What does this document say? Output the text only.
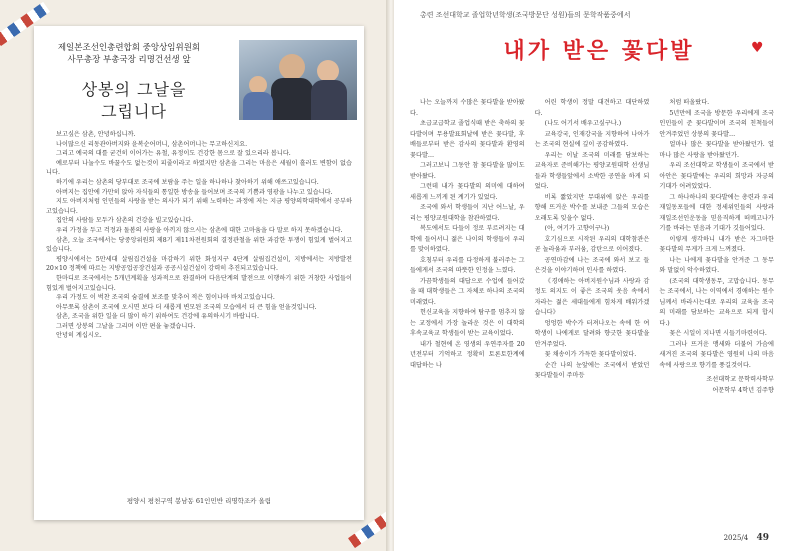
제일본조선인총련합회 중앙상임위원회
사무총장 부총국장 리명건선생 앞
상봉의 그날을
그립니다

보고싶은 삼촌, 안녕하십니까.

나이많으신 리동관아버지와 윤복순어머니, 삼촌어머니는 무고하신지요.

그리고 예국의 대를 굳건히 이어가는 유철, 유정이도 건강한 몸으로 잘 있으리라 봅니다.

예로부터 나눌수도 바꿀수도 없는것이 피줄이라고 하였지만 삼촌을 그리는 마음은 세월이 흘러도 변함이 없습니다.

하기에 우리는 삼촌의 당부대로 조국에 보람을 주는 일을 하나하나 찾아하기 위해 애쓰고있습니다.

아버지는 집안에 가만히 앉아 자식들의 통일한 방송을 들어보며 조국의 기쁨과 영광을 나누고 있습니다.

지도 아버지처럼 인민들의 사랑을 받는 의사가 되기 위해 노력하는 과정에 저는 지금 평양의학대학에서 공부하고있습니다.

집안의 사람들 모두가 삼촌의 건강을 빌고있습니다.

우리 가정을 두고 걱정과 돌봄의 사랑을 아끼지 않으시는 삼촌에 대한 고마움을 다 말로 하지 못하겠습니다.

삼촌, 오늘 조국에서는 당중앙위원회 제8기 제11차전원회의 결정관철을 위한 과감한 투쟁이 힘있게 벌어지고있습니다.

평양시에서는 5만세대 살림집건설을 마감하기 위한 화성지구 4단계 살림집건설이, 지방에서는 지방발전 20×10 정책에 따르는 지방공업공장건설과 공공시설건설이 강력히 추진되고있습니다.

한마디로 조국에서는 5개년계획을 성과적으로 완결하며 다음단계의 발전으로 이행하기 위한 거창한 사업들이 힘있게 벌어지고있습니다.

우리 가정도 이 벅찬 조국의 숨결에 보조를 맞추어 적은 힘이나마 바치고있습니다.

아무쪼록 삼촌이 조국에 오시면 보다 더 새롭게 변모된 조국의 모습에서 더 큰 힘을 얻을것입니다.

삼촌, 조국을 위한 일을 더 많이 하기 위하여도 건강에 유의하시기 바랍니다.

그러면 상봉의 그날을 그리며 이만 편을 놓겠습니다.

안녕히 계십시오.

평양시 평천구역 봉남동 61인민반 리명학조카 올림
총련 조선대학교 졸업학년학생(조국방문단 성원)들의 문학작품중에서
내가 받은 꽃다발	♥

나는 오늘까지 수많은 꽃다발을 받아왔다.

초급교급학교 졸업식때 받은 축하의 꽃다발이며 무용발표회날에 받은 꽃다발, 후배들로부터 받은 감사의 꽃다발과 환영의 꽃다발…

그러고보니 그동안 참 꽃다발을 많이도 받아왔다.

그런데 내가 꽃다발의 의미에 대하여 새롭게 느끼게 된 계기가 있었다.

조국에 와서 학생들이 지난 어느날, 우리는 평양교원대학을 참관하였다.

복도에서도 다들이 정로 부르려지는 대학에 들어서니 젊은 나이의 학생들이 우리를 맞이하였다.

호칭부터 우리를 다정하게 불러주는 그들에게서 조국의 따뜻한 인정을 느꼈다.

가끔학생들의 대답으로 수업에 들어갔을 때 대학생들은 그 자체로 하나의 조국의 미래였다.

헌신교육을 지향하여 탐구를 멈추지 않는 교정에서 가장 놀라운 것은 이 대학의 후속교육교 학생들이 받는 교육이었다.

내가 철현에 온 영생의 우연주자를 20년전부터 기억하고 정확히 토론토한계에 대답하는 나

어린 학생이 정말 대견하고 대단하였다.

(나도 어기서 배우고싶구나.)

교육강국, 인재강국을 지향하여 나아가는 조국의 현실에 깊이 공감하였다.

우리는 이날 조국의 미래를 담보하는 교육자로 준비해가는 평양교원대학 선생님들과 학생들앞에서 소박한 공연을 하게 되었다.

비록 짧았지만 무대위에 앉은 우리를 향해 뜨거운 박수를 보내준 그들의 모습은 오래도록 잊을수 없다.

(아, 여기가 고향이구나)

호기심으로 시작된 우리의 대학참관은 곧 놀라움과 부러움, 감탄으로 이어졌다.

공연마감에 나는 조국에 와서 보고 들은것을 이야기하며 인사를 하였다.

《경애하는 아버지원수님과 사랑과 감정도 의지도 이 좋은 조국의 웃음 속에서 자라는 젊은 세대들에게 힘차게 배워가겠습니다》

엉엉한 박수가 터져나오는 속에 한 여학생이 나에게로 달려와 향긋한 꽃다발을 안겨주었다.

꽃 채송이가 가득한 꽃다발이었다.

순간 나의 눈앞에는 조국에서 받았던 꽃다발들이 주마등

처럼 떠올랐다.

5년만에 조국을 방문한 우리에게 조국인민들이 준 꽃다발이며 조국의 친척들이 안겨주었던 상봉의 꽃다발…

얼마나 많은 꽃다발을 받아왔던가. 얼마나 많은 사랑을 받아왔던가.

우리 조선대학교 학생들이 조국에서 받아안은 꽃다발에는 우리의 희망과 자긍의 기대가 어려있었다.

그 하나하나의 꽃다발에는 총련과 우리 재일동포들에 대한 정세위인들의 사랑과 재일조선인운동을 믿음직하게 떠메고나가기를 바라는 믿음과 기대가 깃들어있다.

이렇게 생각하니 내가 받은 자그마한 꽃다발의 무게가 크게 느껴졌다.

나는 나에게 꽃다발을 안겨준 그 동무와 말없이 악수하였다.

(조국의 대학생동무, 고맙습니다. 동무는 조국에서, 나는 이역에서 경애하는 원수님께서 바라시는대로 우리의 교육을 조국의 미래를 담보하는 교육으로 되게 합시다.)

꽃은 시일이 지나면 시들기마련이다.

그러나 뜨거운 맹세와 더불어 가슴에 새겨진 조국의 꽃다발은 영원히 나의 마음속에 사랑으로 향기를 풍길것이다.

조선대학교 문학력사학부
어문학부 4학년 김주향
2025/4 49
